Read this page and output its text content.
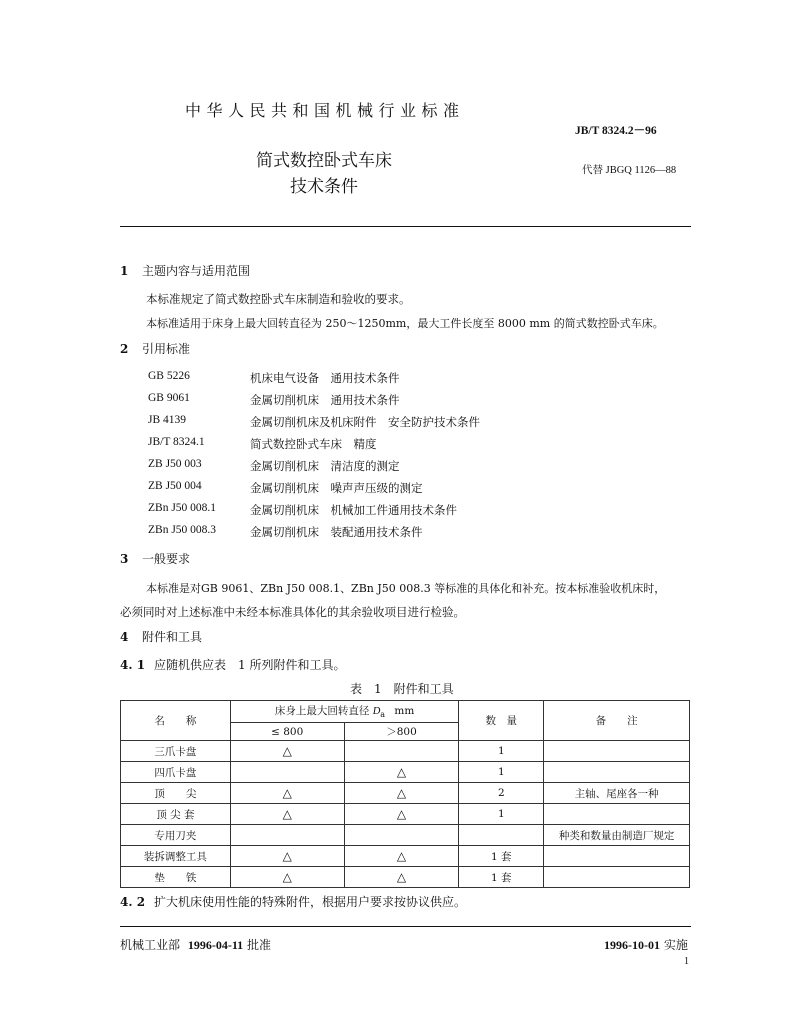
中华人民共和国机械行业标准
JB/T 8324.2－96
简式数控卧式车床
技术条件
代替 JBGQ 1126—88
1 主题内容与适用范围
本标准规定了简式数控卧式车床制造和验收的要求。
本标准适用于床身上最大回转直径为 250～1250mm，最大工件长度至 8000 mm 的简式数控卧式车床。
2 引用标准
GB 5226	机床电气设备　通用技术条件
GB 9061	金属切削机床　通用技术条件
JB 4139	金属切削机床及机床附件　安全防护技术条件
JB/T 8324.1	简式数控卧式车床　精度
ZB J50 003	金属切削机床　清洁度的测定
ZB J50 004	金属切削机床　噪声声压级的测定
ZBn J50 008.1	金属切削机床　机械加工件通用技术条件
ZBn J50 008.3	金属切削机床　装配通用技术条件
3 一般要求
本标准是对GB 9061、ZBn J50 008.1、ZBn J50 008.3 等标准的具体化和补充。按本标准验收机床时，
必须同时对上述标准中未经本标准具体化的其余验收项目进行检验。
4 附件和工具
4. 1 应随机供应表　1 所列附件和工具。
表　1　附件和工具
名　　称	床身上最大回转直径 $D_a$ mm		数　量	备　　注
	≤ 800	＞800		
三爪卡盘	△		1	
四爪卡盘		△	1	
顶　　尖	△	△	2	主轴、尾座各一种
顶 尖 套	△	△	1	
专用刀夹				种类和数量由制造厂规定
装拆调整工具	△	△	1 套	
垫　　铁	△	△	1 套	
4. 2 扩大机床使用性能的特殊附件，根据用户要求按协议供应。
机械工业部 1996-04-11 批准	1996-10-01 实施
1
